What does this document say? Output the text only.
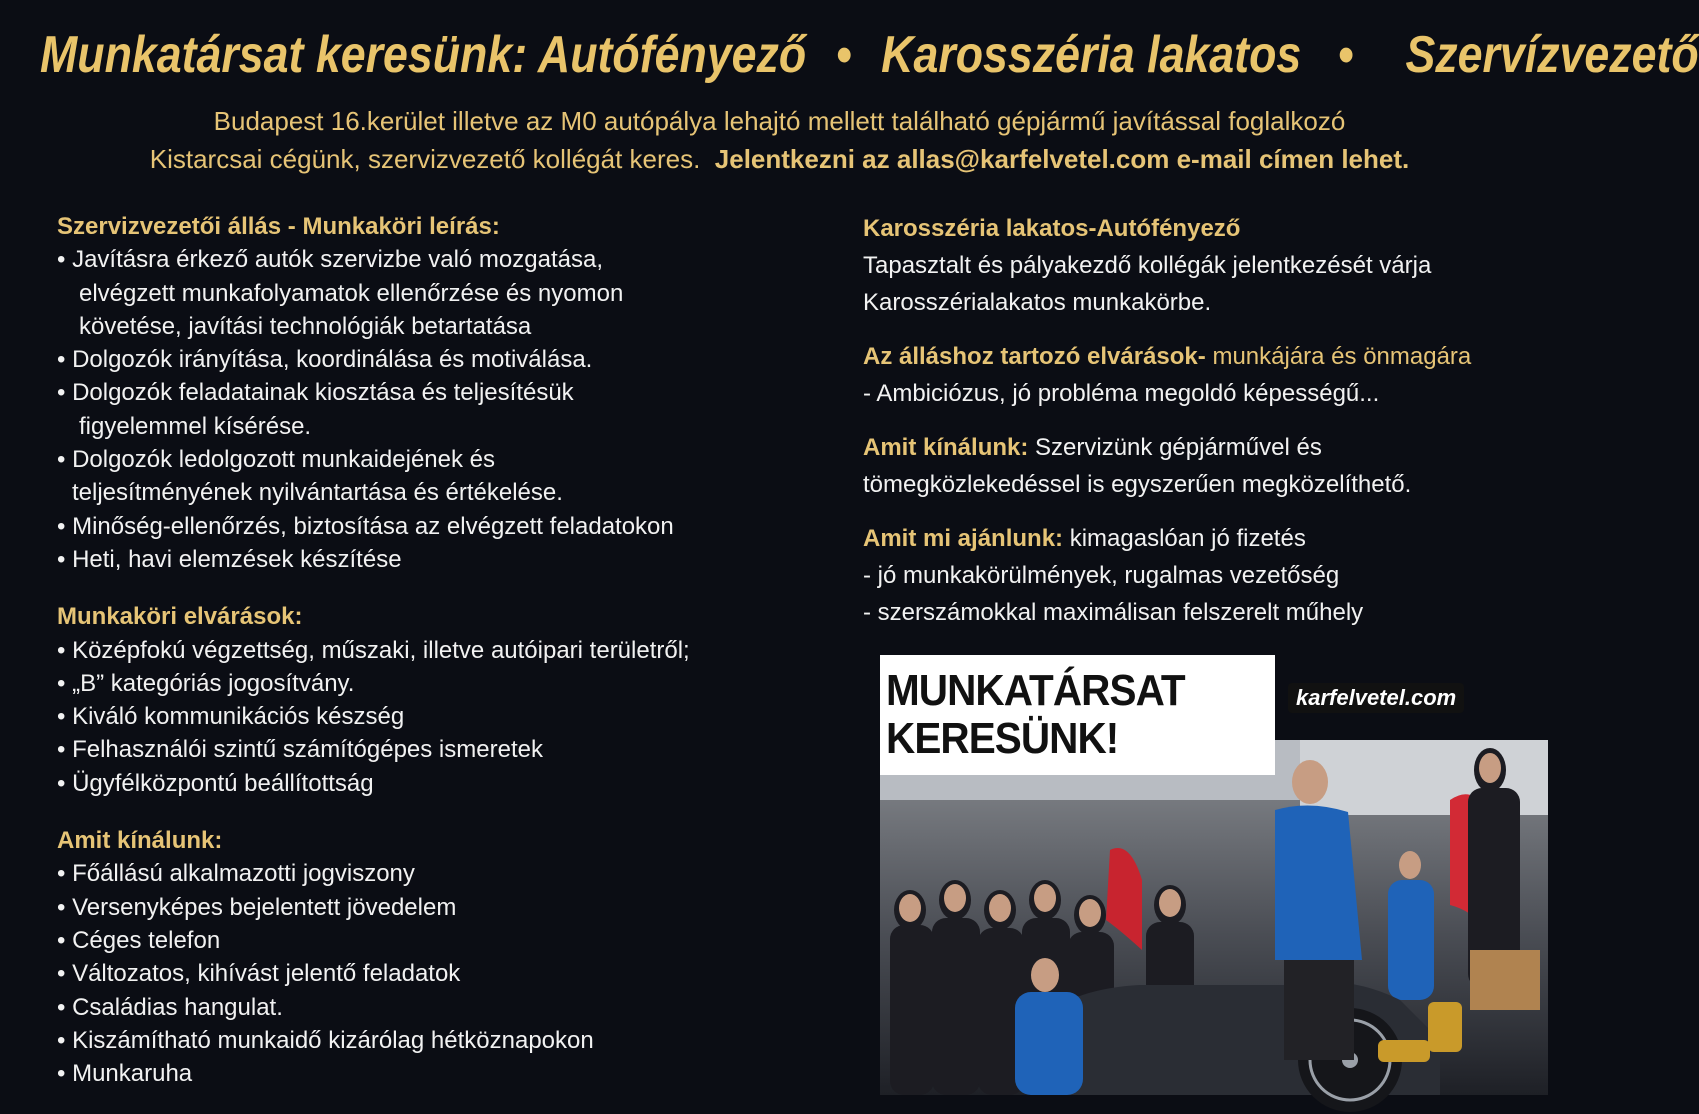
Munkatársat keresünk: Autófényező • Karosszéria lakatos • Szervízvezető
Budapest 16.kerület illetve az M0 autópálya lehajtó mellett található gépjármű javítással foglalkozó
Kistarcsai cégünk, szervizvezető kollégát keres. Jelentkezni az allas@karfelvetel.com e-mail címen lehet.
Szervizvezetői állás - Munkaköri leírás:
• Javításra érkező autók szervizbe való mozgatása,
elvégzett munkafolyamatok ellenőrzése és nyomon
követése, javítási technológiák betartatása
• Dolgozók irányítása, koordinálása és motiválása.
• Dolgozók feladatainak kiosztása és teljesítésük
figyelemmel kísérése.
• Dolgozók ledolgozott munkaidejének és
teljesítményének nyilvántartása és értékelése.
• Minőség-ellenőrzés, biztosítása az elvégzett feladatokon
• Heti, havi elemzések készítése
Munkaköri elvárások:
• Középfokú végzettség, műszaki, illetve autóipari területről;
• „B” kategóriás jogosítvány.
• Kiváló kommunikációs készség
• Felhasználói szintű számítógépes ismeretek
• Ügyfélközpontú beállítottság
Amit kínálunk:
• Főállású alkalmazotti jogviszony
• Versenyképes bejelentett jövedelem
• Céges telefon
• Változatos, kihívást jelentő feladatok
• Családias hangulat.
• Kiszámítható munkaidő kizárólag hétköznapokon
• Munkaruha
Karosszéria lakatos-Autófényező
Tapasztalt és pályakezdő kollégák jelentkezését várja
Karosszérialakatos munkakörbe.
Az álláshoz tartozó elvárások- munkájára és önmagára
- Ambiciózus, jó probléma megoldó képességű...
Amit kínálunk: Szervizünk gépjárművel és
tömegközlekedéssel is egyszerűen megközelíthető.
Amit mi ajánlunk: kimagaslóan jó fizetés
- jó munkakörülmények, rugalmas vezetőség
- szerszámokkal maximálisan felszerelt műhely
MUNKATÁRSAT
KERESÜNK!
karfelvetel.com
